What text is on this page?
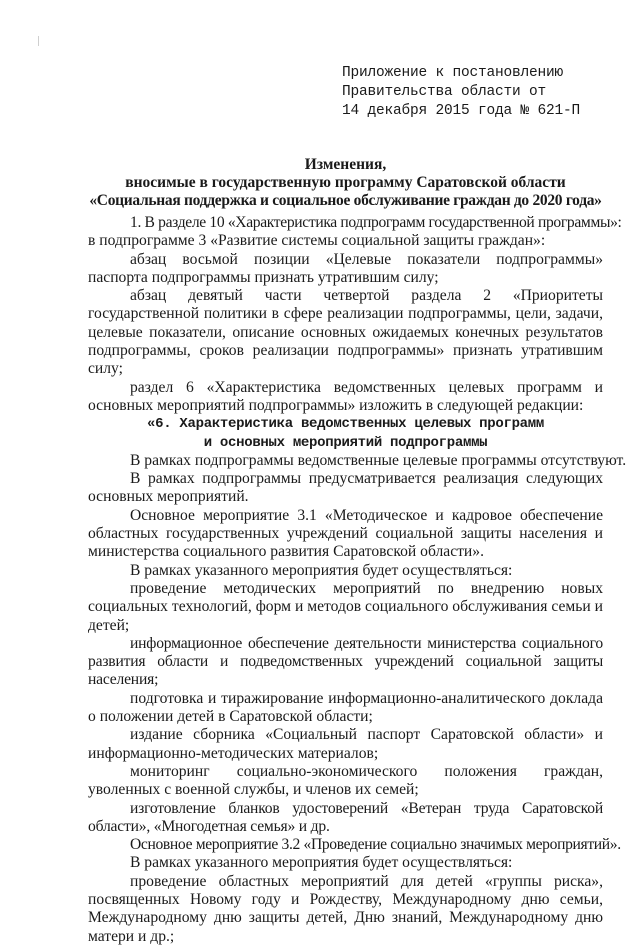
Приложение к постановлению
Правительства области от
14 декабря 2015 года № 621-П
Изменения,
вносимые в государственную программу Саратовской области
«Социальная поддержка и социальное обслуживание граждан до 2020 года»

1. В разделе 10 «Характеристика подпрограмм государственной программы»:

в подпрограмме 3 «Развитие системы социальной защиты граждан»:

абзац восьмой позиции «Целевые показатели подпрограммы» паспорта подпрограммы признать утратившим силу;

абзац девятый части четвертой раздела 2 «Приоритеты государственной политики в сфере реализации подпрограммы, цели, задачи, целевые показатели, описание основных ожидаемых конечных результатов подпрограммы, сроков реализации подпрограммы» признать утратившим силу;

раздел 6 «Характеристика ведомственных целевых программ и основных мероприятий подпрограммы» изложить в следующей редакции:

«6. Характеристика ведомственных целевых программ

и основных мероприятий подпрограммы

В рамках подпрограммы ведомственные целевые программы отсутствуют.

В рамках подпрограммы предусматривается реализация следующих основных мероприятий.

Основное мероприятие 3.1 «Методическое и кадровое обеспечение областных государственных учреждений социальной защиты населения и министерства социального развития Саратовской области».

В рамках указанного мероприятия будет осуществляться:

проведение методических мероприятий по внедрению новых социальных технологий, форм и методов социального обслуживания семьи и детей;

информационное обеспечение деятельности министерства социального развития области и подведомственных учреждений социальной защиты населения;

подготовка и тиражирование информационно-аналитического доклада о положении детей в Саратовской области;

издание сборника «Социальный паспорт Саратовской области» и информационно-методических материалов;

мониторинг социально-экономического положения граждан, уволенных с военной службы, и членов их семей;

изготовление бланков удостоверений «Ветеран труда Саратовской области», «Многодетная семья» и др.

Основное мероприятие 3.2 «Проведение социально значимых мероприятий».

В рамках указанного мероприятия будет осуществляться:

проведение областных мероприятий для детей «группы риска», посвященных Новому году и Рождеству, Международному дню семьи, Международному дню защиты детей, Дню знаний, Международному дню матери и др.;
